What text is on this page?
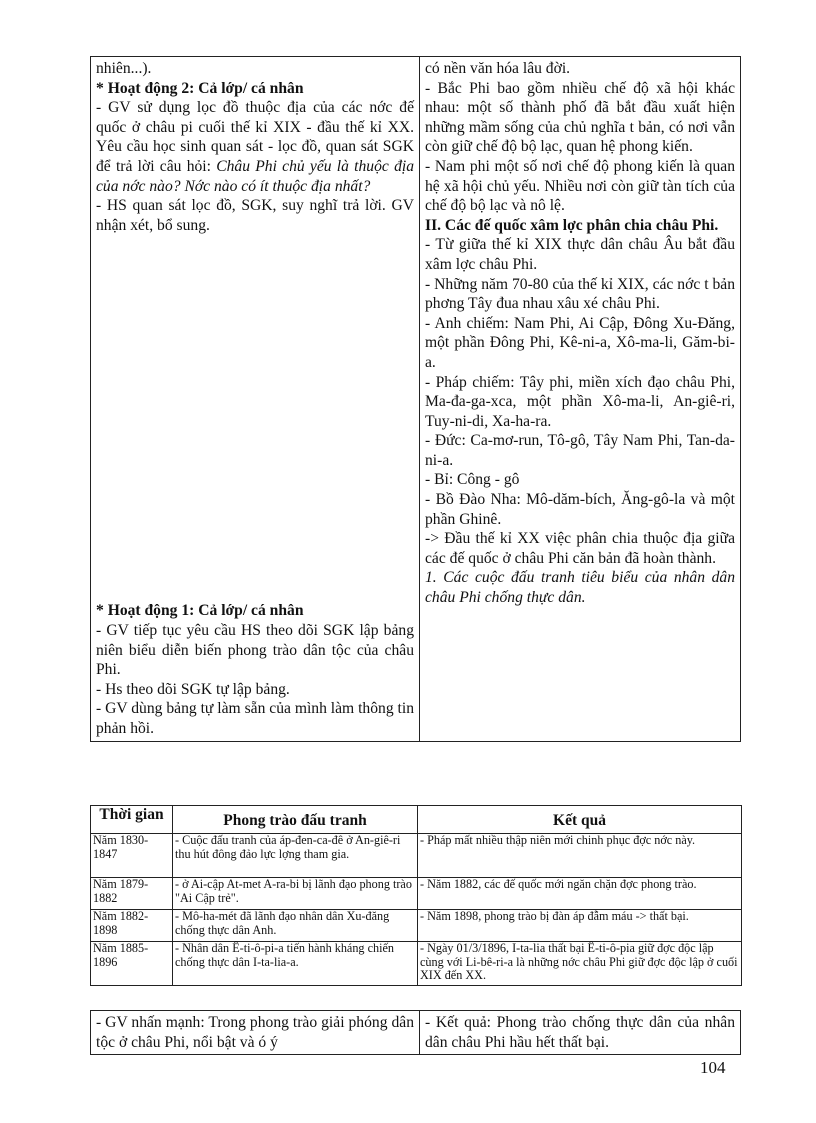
nhiên...).
* Hoạt động 2: Cả lớp/ cá nhân
- GV sử dụng lọc đồ thuộc địa của các nớc đế quốc ở châu pi cuối thế kỉ XIX - đầu thế kỉ XX. Yêu cầu học sinh quan sát - lọc đồ, quan sát SGK để trả lời câu hỏi: Châu Phi chủ yếu là thuộc địa của nớc nào? Nớc nào có ít thuộc địa nhất?
- HS quan sát lọc đồ, SGK, suy nghĩ trả lời. GV nhận xét, bổ sung.
* Hoạt động 1: Cả lớp/ cá nhân
- GV tiếp tục yêu cầu HS theo dõi SGK lập bảng niên biểu diễn biến phong trào dân tộc của châu Phi.
- Hs theo dõi SGK tự lập bảng.
- GV dùng bảng tự làm sẵn của mình làm thông tin phản hồi.

có nền văn hóa lâu đời.
- Bắc Phi bao gồm nhiều chế độ xã hội khác nhau: một số thành phố đã bắt đầu xuất hiện những mầm sống của chủ nghĩa t bản, có nơi vẫn còn giữ chế độ bộ lạc, quan hệ phong kiến.
- Nam phi một số nơi chế độ phong kiến là quan hệ xã hội chủ yếu. Nhiều nơi còn giữ tàn tích của chế độ bộ lạc và nô lệ.
II. Các đế quốc xâm lợc phân chia châu Phi.
- Từ giữa thế kỉ XIX thực dân châu Âu bắt đầu xâm lợc châu Phi.
- Những năm 70-80 của thế kỉ XIX, các nớc t bản phơng Tây đua nhau xâu xé châu Phi.
- Anh chiếm: Nam Phi, Ai Cập, Đông Xu-Đăng, một phần Đông Phi, Kê-ni-a, Xô-ma-li, Găm-bi-a.
- Pháp chiếm: Tây phi, miền xích đạo châu Phi, Ma-đa-ga-xca, một phần Xô-ma-li, An-giê-ri, Tuy-ni-di, Xa-ha-ra.
- Đức: Ca-mơ-run, Tô-gô, Tây Nam Phi, Tan-da-ni-a.
- Bỉ: Công - gô
- Bồ Đào Nha: Mô-dăm-bích, Ăng-gô-la và một phần Ghinê.
-> Đầu thế kỉ XX việc phân chia thuộc địa giữa các đế quốc ở châu Phi căn bản đã hoàn thành.
1. Các cuộc đấu tranh tiêu biểu của nhân dân châu Phi chống thực dân.
Thời gian	Phong trào đấu tranh	Kết quả
Năm 1830-1847	- Cuộc đấu tranh của áp-đen-ca-đê ở An-giê-ri thu hút đông đảo lực lợng tham gia.	- Pháp mất nhiều thập niên mới chinh phục đợc nớc này.
Năm 1879-1882	- ở Ai-cập At-met A-ra-bi bị lãnh đạo phong trào "Ai Cập trẻ".	- Năm 1882, các đế quốc mới ngăn chặn đợc phong trào.
Năm 1882-1898	- Mô-ha-mét đã lãnh đạo nhân dân Xu-đăng chống thực dân Anh.	- Năm 1898, phong trào bị đàn áp đẫm máu -> thất bại.
Năm 1885-1896	- Nhân dân Ê-ti-ô-pi-a tiến hành kháng chiến chống thực dân I-ta-lia-a.	- Ngày 01/3/1896, I-ta-lia thất bại Ê-ti-ô-pia giữ đợc độc lập cùng với Li-bê-ri-a là những nớc châu Phi giữ đợc độc lập ở cuối XIX đến XX.
- GV nhấn mạnh: Trong phong trào giải phóng dân tộc ở châu Phi, nổi bật và ó ý	- Kết quả: Phong trào chống thực dân của nhân dân châu Phi hầu hết thất bại.
104
